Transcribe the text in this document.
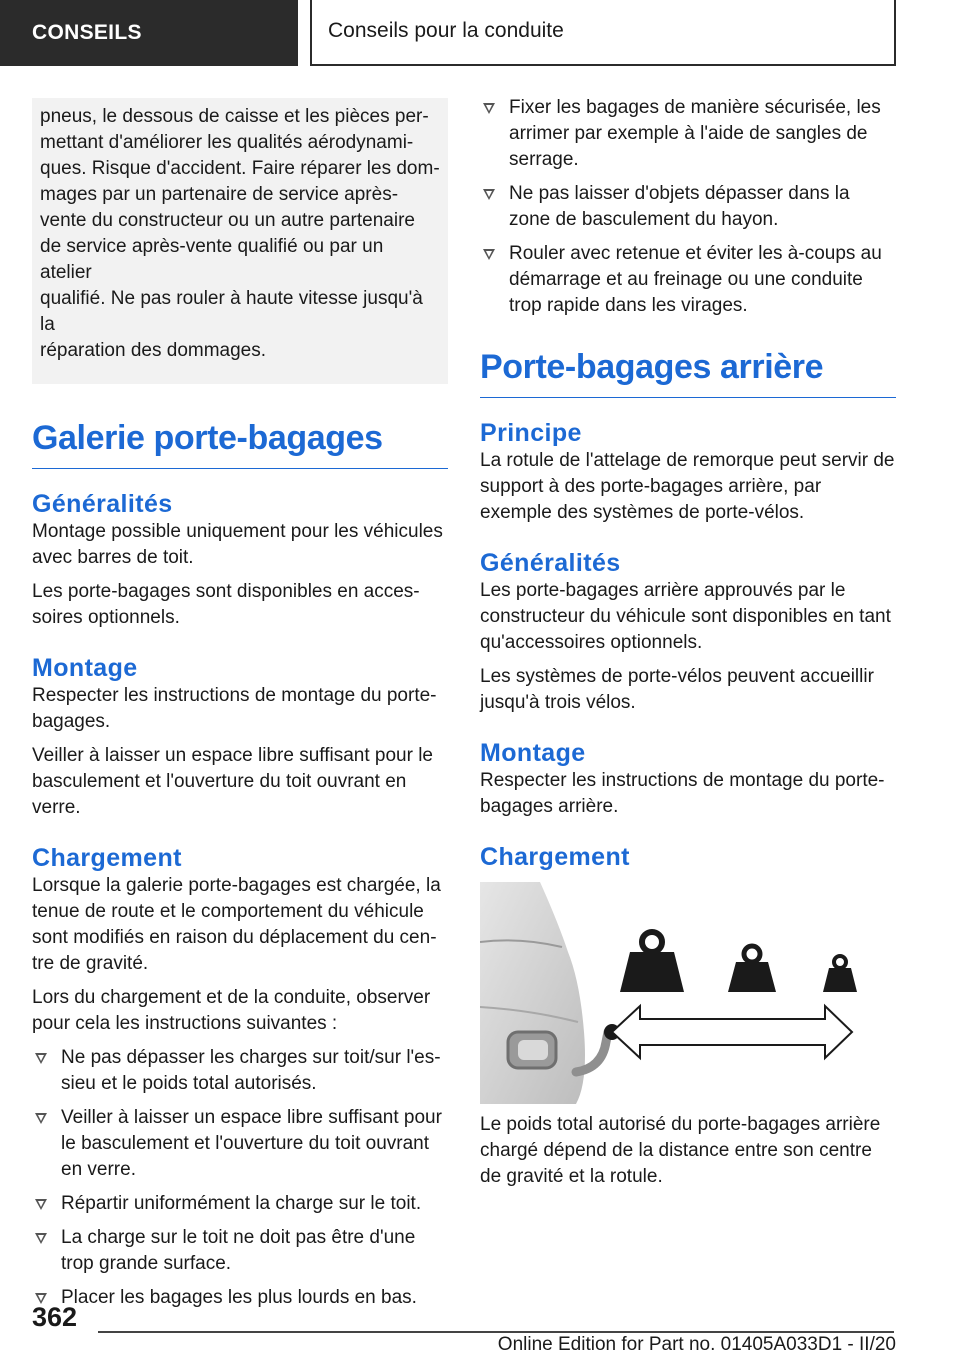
CONSEILS	Conseils pour la conduite
pneus, le dessous de caisse et les pièces per‐
mettant d'améliorer les qualités aérodynami‐
ques. Risque d'accident. Faire réparer les dom‐
mages par un partenaire de service après-
vente du constructeur ou un autre partenaire
de service après-vente qualifié ou par un atelier
qualifié. Ne pas rouler à haute vitesse jusqu'à la
réparation des dommages.
Galerie porte-bagages
Généralités
Montage possible uniquement pour les véhicules avec barres de toit.
Les porte-bagages sont disponibles en acces‐ soires optionnels.
Montage
Respecter les instructions de montage du porte- bagages.
Veiller à laisser un espace libre suffisant pour le basculement et l'ouverture du toit ouvrant en verre.
Chargement
Lorsque la galerie porte-bagages est chargée, la tenue de route et le comportement du véhicule sont modifiés en raison du déplacement du cen‐ tre de gravité.
Lors du chargement et de la conduite, observer pour cela les instructions suivantes :
Ne pas dépasser les charges sur toit/sur l'es‐ sieu et le poids total autorisés.
Veiller à laisser un espace libre suffisant pour le basculement et l'ouverture du toit ouvrant en verre.
Répartir uniformément la charge sur le toit.
La charge sur le toit ne doit pas être d'une trop grande surface.
Placer les bagages les plus lourds en bas.
Fixer les bagages de manière sécurisée, les arrimer par exemple à l'aide de sangles de serrage.
Ne pas laisser d'objets dépasser dans la zone de basculement du hayon.
Rouler avec retenue et éviter les à-coups au démarrage et au freinage ou une conduite trop rapide dans les virages.
Porte-bagages arrière
Principe
La rotule de l'attelage de remorque peut servir de support à des porte-bagages arrière, par exemple des systèmes de porte-vélos.
Généralités
Les porte-bagages arrière approuvés par le constructeur du véhicule sont disponibles en tant qu'accessoires optionnels.
Les systèmes de porte-vélos peuvent accueillir jusqu'à trois vélos.
Montage
Respecter les instructions de montage du porte- bagages arrière.
Chargement
Le poids total autorisé du porte-bagages arrière chargé dépend de la distance entre son centre de gravité et la rotule.
362
Online Edition for Part no. 01405A033D1 - II/20
